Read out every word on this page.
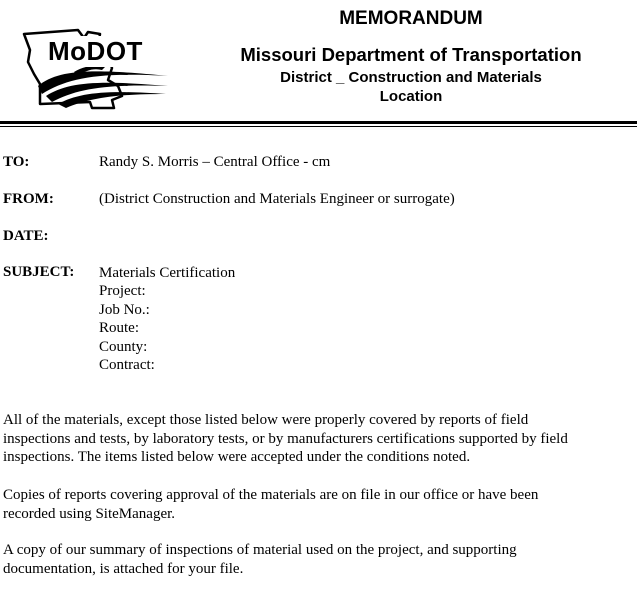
MoDOT
MEMORANDUM
Missouri Department of Transportation
District _ Construction and Materials
Location
TO:	Randy S. Morris – Central Office - cm
FROM:	(District Construction and Materials Engineer or surrogate)
DATE:
SUBJECT: Materials Certification
Project:
Job No.:
Route:
County:
Contract:
All of the materials, except those listed below were properly covered by reports of field
inspections and tests, by laboratory tests, or by manufacturers certifications supported by field
inspections. The items listed below were accepted under the conditions noted.
Copies of reports covering approval of the materials are on file in our office or have been
recorded using SiteManager.
A copy of our summary of inspections of material used on the project, and supporting
documentation, is attached for your file.
